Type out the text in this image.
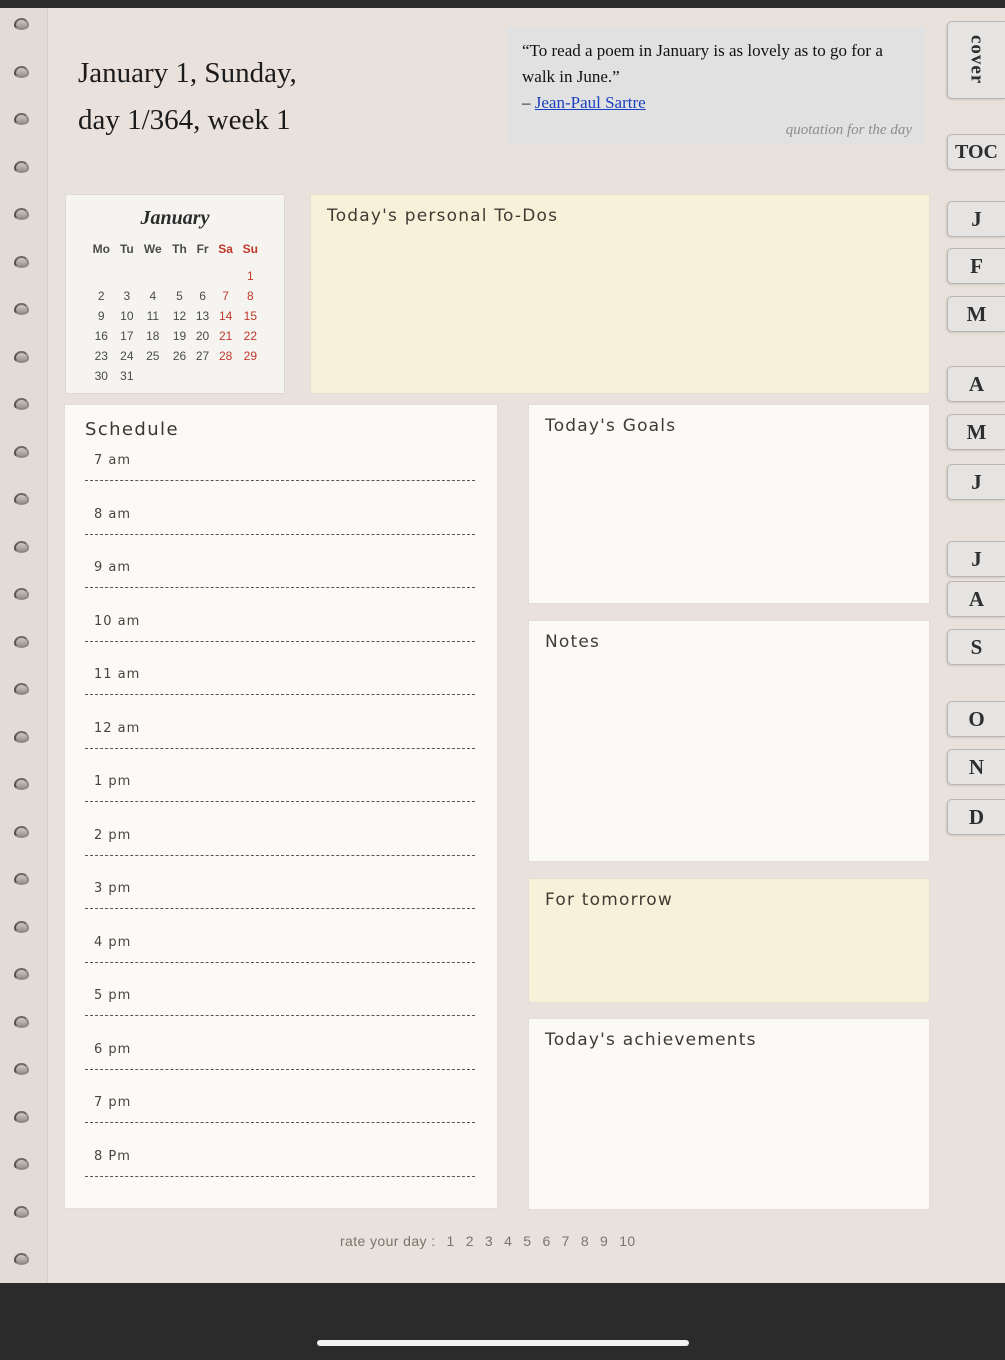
January 1, Sunday,
day 1/364, week 1
“To read a poem in January is as lovely as to go for a walk in June.”
– Jean-Paul Sartre
quotation for the day
January
Mo	Tu	We	Th	Fr	Sa	Su
						1
2	3	4	5	6	7	8
9	10	11	12	13	14	15
16	17	18	19	20	21	22
23	24	25	26	27	28	29
30	31					
Today's personal To-Dos
Schedule
7 am
8 am
9 am
10 am
11 am
12 am
1 pm
2 pm
3 pm
4 pm
5 pm
6 pm
7 pm
8 Pm
Today's Goals
Notes
For tomorrow
Today's achievements
rate your day : 1 2 3 4 5 6 7 8 9 10
cover
TOC
J
F
M
A
M
J
J
A
S
O
N
D
